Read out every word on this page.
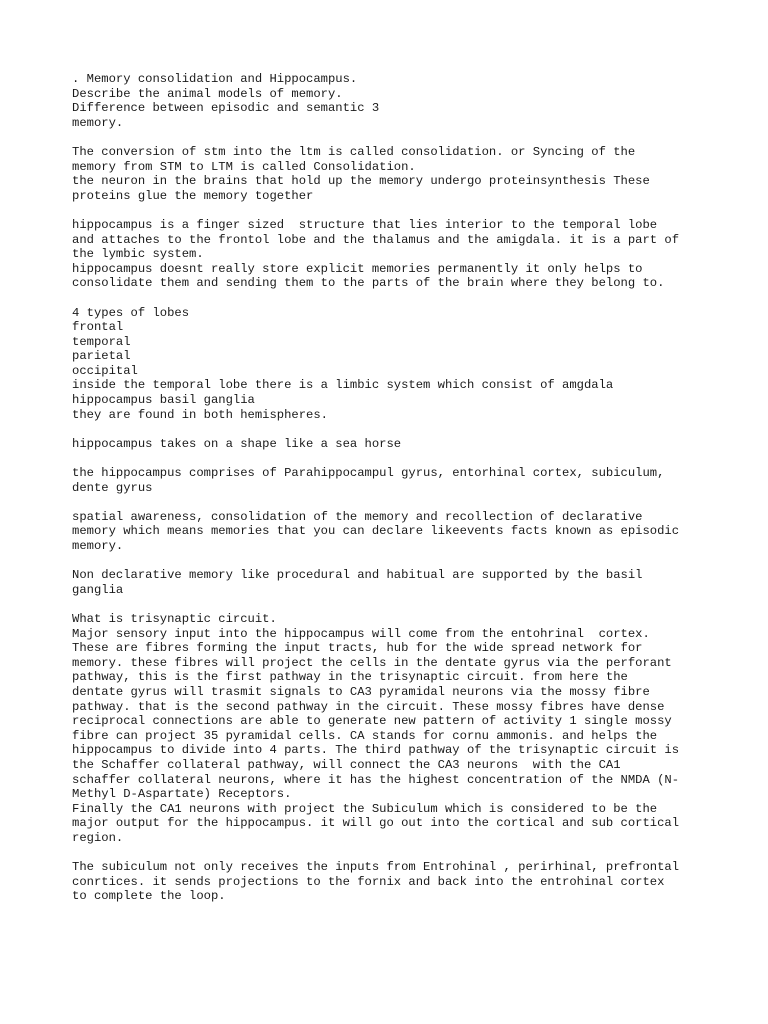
. Memory consolidation and Hippocampus.
Describe the animal models of memory.
Difference between episodic and semantic 3
memory.
The conversion of stm into the ltm is called consolidation. or Syncing of the
memory from STM to LTM is called Consolidation.
the neuron in the brains that hold up the memory undergo proteinsynthesis These
proteins glue the memory together
hippocampus is a finger sized  structure that lies interior to the temporal lobe
and attaches to the frontol lobe and the thalamus and the amigdala. it is a part of
the lymbic system.
hippocampus doesnt really store explicit memories permanently it only helps to
consolidate them and sending them to the parts of the brain where they belong to.
4 types of lobes
frontal
temporal
parietal
occipital
inside the temporal lobe there is a limbic system which consist of amgdala
hippocampus basil ganglia
they are found in both hemispheres.
hippocampus takes on a shape like a sea horse
the hippocampus comprises of Parahippocampul gyrus, entorhinal cortex, subiculum,
dente gyrus
spatial awareness, consolidation of the memory and recollection of declarative
memory which means memories that you can declare likeevents facts known as episodic
memory.
Non declarative memory like procedural and habitual are supported by the basil
ganglia
What is trisynaptic circuit.
Major sensory input into the hippocampus will come from the entohrinal  cortex.
These are fibres forming the input tracts, hub for the wide spread network for
memory. these fibres will project the cells in the dentate gyrus via the perforant
pathway, this is the first pathway in the trisynaptic circuit. from here the
dentate gyrus will trasmit signals to CA3 pyramidal neurons via the mossy fibre
pathway. that is the second pathway in the circuit. These mossy fibres have dense
reciprocal connections are able to generate new pattern of activity 1 single mossy
fibre can project 35 pyramidal cells. CA stands for cornu ammonis. and helps the
hippocampus to divide into 4 parts. The third pathway of the trisynaptic circuit is
the Schaffer collateral pathway, will connect the CA3 neurons  with the CA1
schaffer collateral neurons, where it has the highest concentration of the NMDA (N-
Methyl D-Aspartate) Receptors.
Finally the CA1 neurons with project the Subiculum which is considered to be the
major output for the hippocampus. it will go out into the cortical and sub cortical
region.
The subiculum not only receives the inputs from Entrohinal , perirhinal, prefrontal
conrtices. it sends projections to the fornix and back into the entrohinal cortex
to complete the loop.
